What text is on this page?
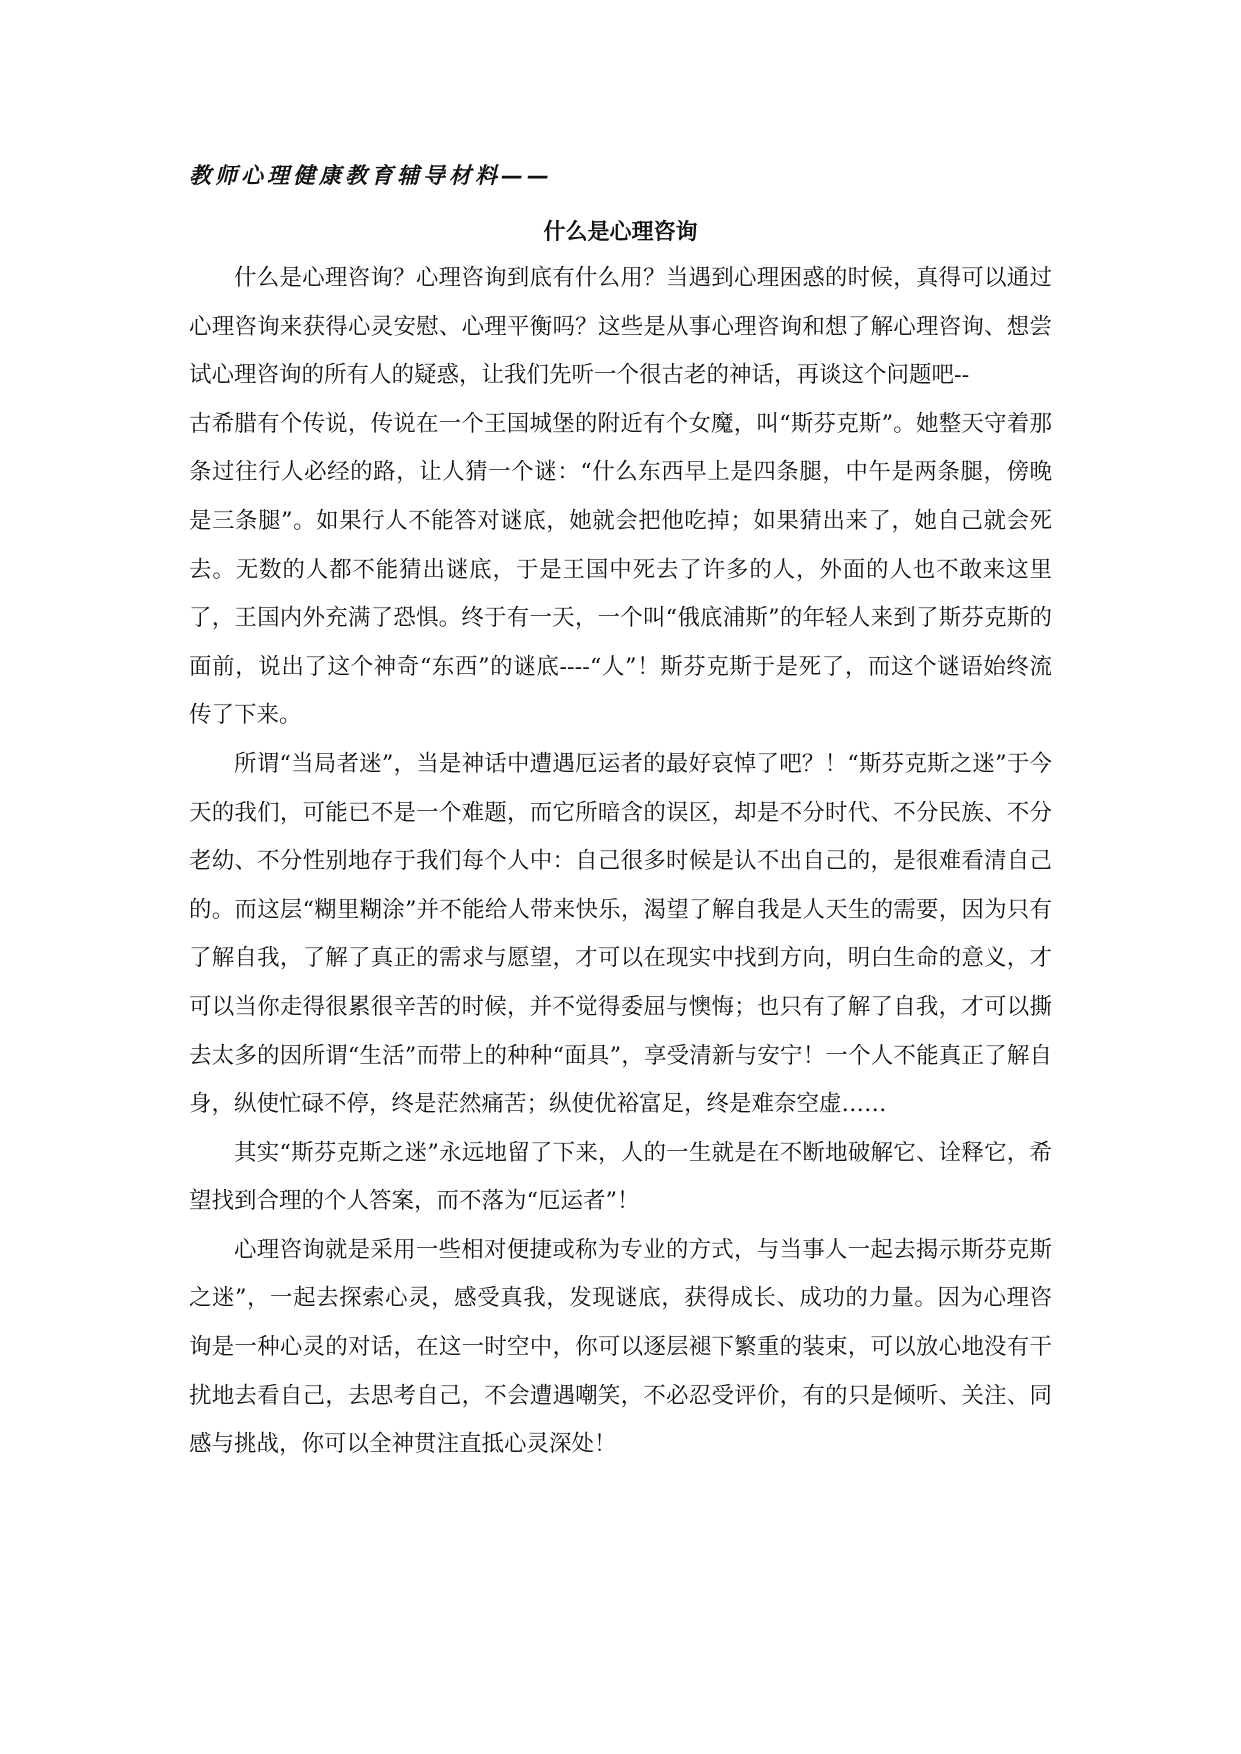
教师心理健康教育辅导材料——

什么是心理咨询

什么是心理咨询？心理咨询到底有什么用？当遇到心理困惑的时候，真得可以通过心理咨询来获得心灵安慰、心理平衡吗？这些是从事心理咨询和想了解心理咨询、想尝试心理咨询的所有人的疑惑，让我们先听一个很古老的神话，再谈这个问题吧--

古希腊有个传说，传说在一个王国城堡的附近有个女魔，叫“斯芬克斯”。她整天守着那条过往行人必经的路，让人猜一个谜：“什么东西早上是四条腿，中午是两条腿，傍晚是三条腿”。如果行人不能答对谜底，她就会把他吃掉；如果猜出来了，她自己就会死去。无数的人都不能猜出谜底，于是王国中死去了许多的人，外面的人也不敢来这里了，王国内外充满了恐惧。终于有一天，一个叫“俄底浦斯”的年轻人来到了斯芬克斯的面前，说出了这个神奇“东西”的谜底----“人”！斯芬克斯于是死了，而这个谜语始终流传了下来。

所谓“当局者迷”，当是神话中遭遇厄运者的最好哀悼了吧？！“斯芬克斯之迷”于今天的我们，可能已不是一个难题，而它所暗含的误区，却是不分时代、不分民族、不分老幼、不分性别地存于我们每个人中：自己很多时候是认不出自己的，是很难看清自己的。而这层“糊里糊涂”并不能给人带来快乐，渴望了解自我是人天生的需要，因为只有了解自我，了解了真正的需求与愿望，才可以在现实中找到方向，明白生命的意义，才可以当你走得很累很辛苦的时候，并不觉得委屈与懊悔；也只有了解了自我，才可以撕去太多的因所谓“生活”而带上的种种“面具”，享受清新与安宁！一个人不能真正了解自身，纵使忙碌不停，终是茫然痛苦；纵使优裕富足，终是难奈空虚……

其实“斯芬克斯之迷”永远地留了下来，人的一生就是在不断地破解它、诠释它，希望找到合理的个人答案，而不落为“厄运者”！

心理咨询就是采用一些相对便捷或称为专业的方式，与当事人一起去揭示斯芬克斯之迷”，一起去探索心灵，感受真我，发现谜底，获得成长、成功的力量。因为心理咨询是一种心灵的对话，在这一时空中，你可以逐层褪下繁重的装束，可以放心地没有干扰地去看自己，去思考自己，不会遭遇嘲笑，不必忍受评价，有的只是倾听、关注、同感与挑战，你可以全神贯注直抵心灵深处！
